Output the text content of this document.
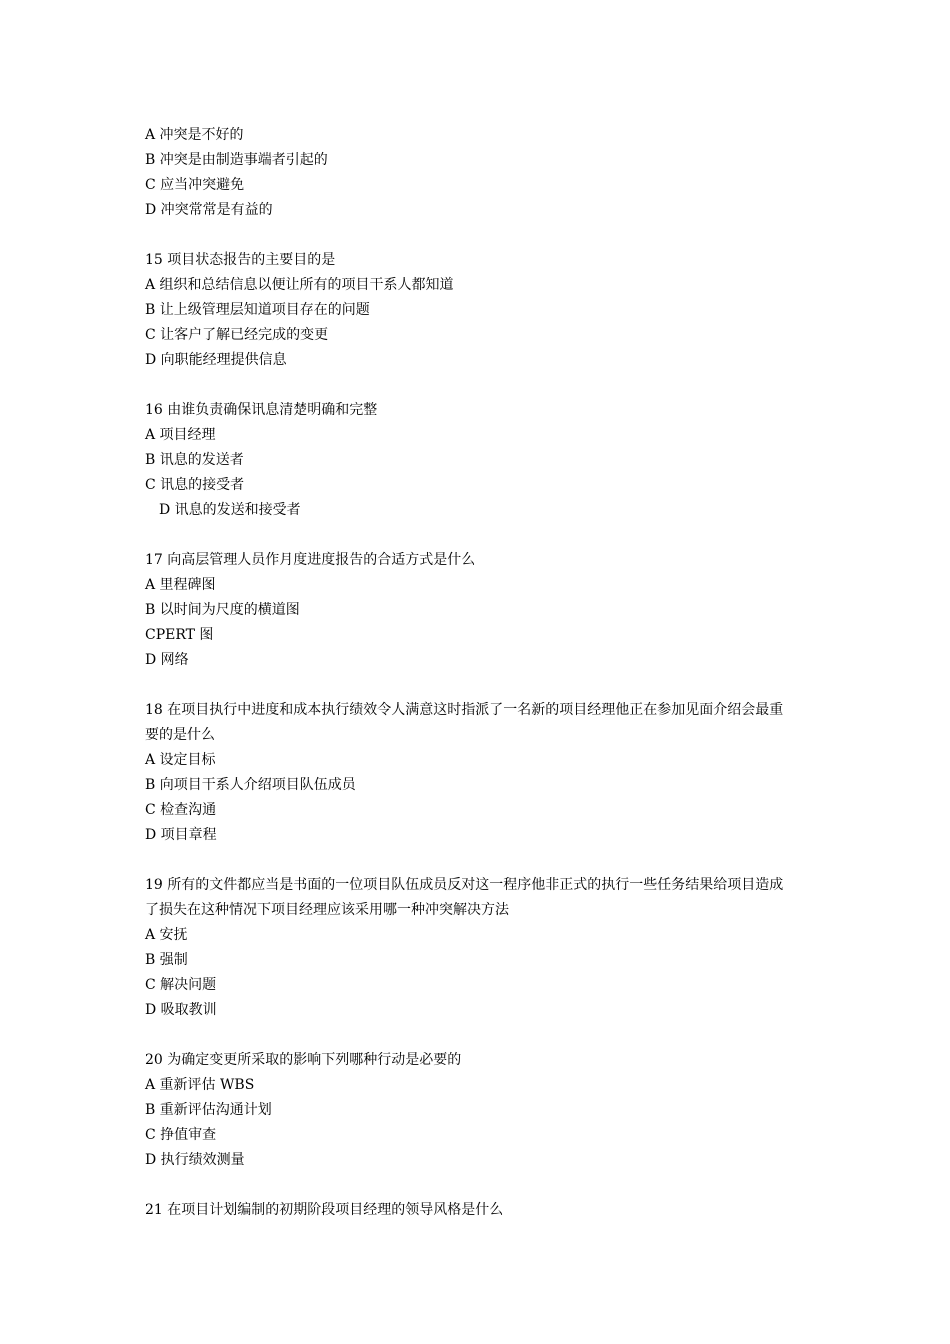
A 冲突是不好的
B 冲突是由制造事端者引起的
C 应当冲突避免
D 冲突常常是有益的
15 项目状态报告的主要目的是
A 组织和总结信息以便让所有的项目干系人都知道
B 让上级管理层知道项目存在的问题
C 让客户了解已经完成的变更
D 向职能经理提供信息
16 由谁负责确保讯息清楚明确和完整
A 项目经理
B 讯息的发送者
C 讯息的接受者
D 讯息的发送和接受者
17 向高层管理人员作月度进度报告的合适方式是什么
A 里程碑图
B 以时间为尺度的横道图
CPERT 图
D 网络
18 在项目执行中进度和成本执行绩效令人满意这时指派了一名新的项目经理他正在参加见面介绍会最重
要的是什么
A 设定目标
B 向项目干系人介绍项目队伍成员
C 检查沟通
D 项目章程
19 所有的文件都应当是书面的一位项目队伍成员反对这一程序他非正式的执行一些任务结果给项目造成
了损失在这种情况下项目经理应该采用哪一种冲突解决方法
A 安抚
B 强制
C 解决问题
D 吸取教训
20 为确定变更所采取的影响下列哪种行动是必要的
A 重新评估 WBS
B 重新评估沟通计划
C 挣值审查
D 执行绩效测量
21 在项目计划编制的初期阶段项目经理的领导风格是什么
